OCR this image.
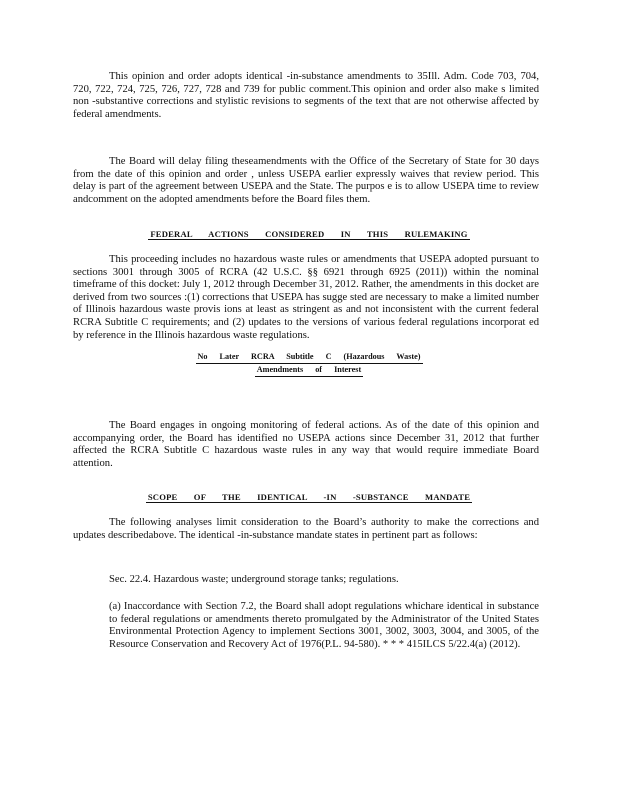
This opinion and order adopts identical -in-substance amendments to 35Ill. Adm. Code 703, 704, 720, 722, 724, 725, 726, 727, 728 and 739 for public comment.This opinion and order also make s limited non -substantive corrections and stylistic revisions to segments of the text that are not otherwise affected by federal amendments.

The Board will delay filing theseamendments with the Office of the Secretary of State for 30 days from the date of this opinion and order , unless USEPA earlier expressly waives that review period. This delay is part of the agreement between USEPA and the State. The purpos e is to allow USEPA time to review andcomment on the adopted amendments before the Board files them.

FEDERAL ACTIONS CONSIDERED IN THIS RULEMAKING

This proceeding includes no hazardous waste rules or amendments that USEPA adopted pursuant to sections 3001 through 3005 of RCRA (42 U.S.C. §§ 6921 through 6925 (2011)) within the nominal timeframe of this docket: July 1, 2012 through December 31, 2012. Rather, the amendments in this docket are derived from two sources :(1) corrections that USEPA has sugge sted are necessary to make a limited number of Illinois hazardous waste provis ions at least as stringent as and not inconsistent with the current federal RCRA Subtitle C requirements; and (2) updates to the versions of various federal regulations incorporat ed by reference in the Illinois hazardous waste regulations.

No Later RCRA Subtitle C (Hazardous Waste)
Amendments of Interest

The Board engages in ongoing monitoring of federal actions. As of the date of this opinion and accompanying order, the Board has identified no USEPA actions since December 31, 2012 that further affected the RCRA Subtitle C hazardous waste rules in any way that would require immediate Board attention.

SCOPE OF THE IDENTICAL -IN -SUBSTANCE MANDATE

The following analyses limit consideration to the Board’s authority to make the corrections and updates describedabove. The identical -in-substance mandate states in pertinent part as follows:

Sec. 22.4. Hazardous waste; underground storage tanks; regulations.

(a) Inaccordance with Section 7.2, the Board shall adopt regulations whichare identical in substance to federal regulations or amendments thereto promulgated by the Administrator of the United States Environmental Protection Agency to implement Sections 3001, 3002, 3003, 3004, and 3005, of the Resource Conservation and Recovery Act of 1976(P.L. 94-580). * * * 415ILCS 5/22.4(a) (2012).
